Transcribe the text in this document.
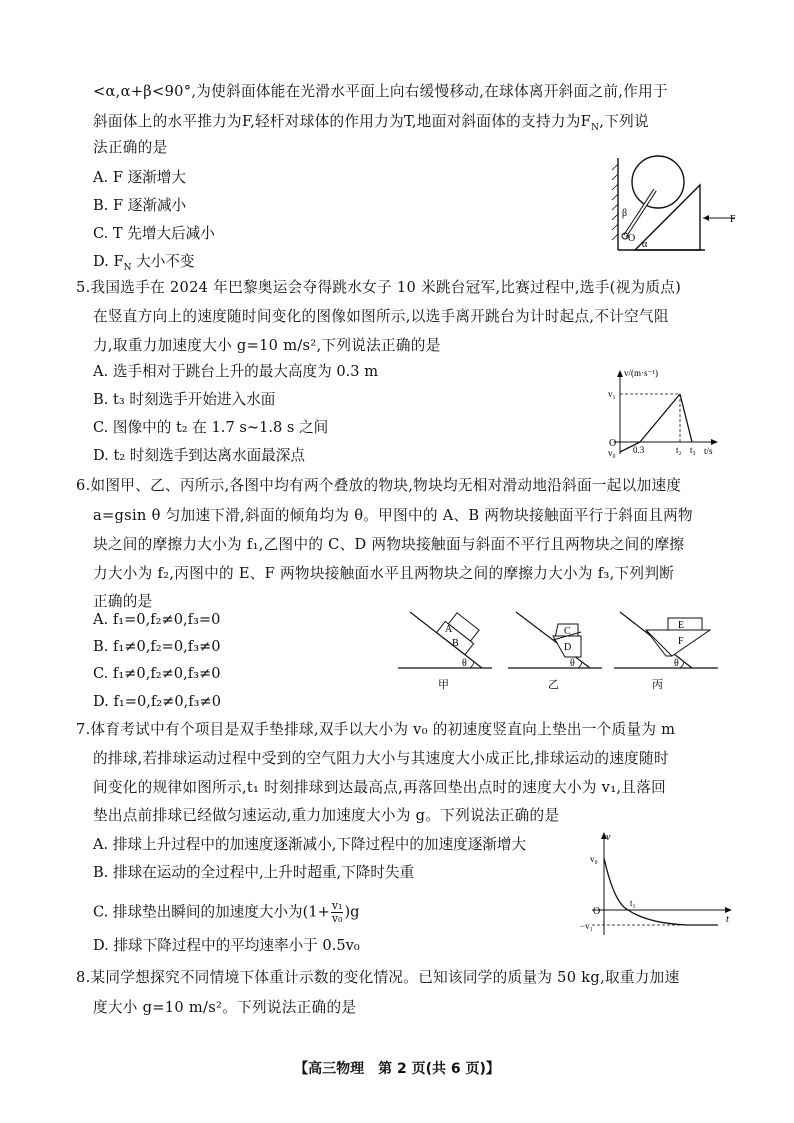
<α,α+β<90°,为使斜面体能在光滑水平面上向右缓慢移动,在球体离开斜面之前,作用于
斜面体上的水平推力为F,轻杆对球体的作用力为T,地面对斜面体的支持力为$F_N$,下列说
法正确的是
A. F 逐渐增大
B. F 逐渐减小
C. T 先增大后减小
D. $F_N$ 大小不变
β
O
α
F
5.我国选手在 2024 年巴黎奥运会夺得跳水女子 10 米跳台冠军,比赛过程中,选手(视为质点)
在竖直方向上的速度随时间变化的图像如图所示,以选手离开跳台为计时起点,不计空气阻
力,取重力加速度大小 g=10 m/s²,下列说法正确的是
A. 选手相对于跳台上升的最大高度为 0.3 m
B. t₃ 时刻选手开始进入水面
C. 图像中的 t₂ 在 1.7 s~1.8 s 之间
D. t₂ 时刻选手到达离水面最深点
v/(m·s⁻¹)
v₁
v₀
O
0.3	t₂ t₃ t/s
6.如图甲、乙、丙所示,各图中均有两个叠放的物块,物块均无相对滑动地沿斜面一起以加速度
a=gsin θ 匀加速下滑,斜面的倾角均为 θ。甲图中的 A、B 两物块接触面平行于斜面且两物
块之间的摩擦力大小为 f₁,乙图中的 C、D 两物块接触面与斜面不平行且两物块之间的摩擦
力大小为 f₂,丙图中的 E、F 两物块接触面水平且两物块之间的摩擦力大小为 f₃,下列判断
正确的是
A. f₁=0,f₂≠0,f₃=0
B. f₁≠0,f₂=0,f₃≠0
C. f₁≠0,f₂≠0,f₃≠0
D. f₁=0,f₂≠0,f₃≠0
A
B
θ
甲
C
D
θ
乙
E
F
θ
丙
7.体育考试中有个项目是双手垫排球,双手以大小为 v₀ 的初速度竖直向上垫出一个质量为 m
的排球,若排球运动过程中受到的空气阻力大小与其速度大小成正比,排球运动的速度随时
间变化的规律如图所示,t₁ 时刻排球到达最高点,再落回垫出点时的速度大小为 v₁,且落回
垫出点前排球已经做匀速运动,重力加速度大小为 g。下列说法正确的是
A. 排球上升过程中的加速度逐渐减小,下降过程中的加速度逐渐增大
B. 排球在运动的全过程中,上升时超重,下降时失重
C. 排球垫出瞬间的加速度大小为$(1+ \frac{\text{v₁}}{\text{v₀}} )g$
D. 排球下降过程中的平均速率小于 0.5v₀
v
v₀
t₁
O
t
−v₁
8.某同学想探究不同情境下体重计示数的变化情况。已知该同学的质量为 50 kg,取重力加速
度大小 g=10 m/s²。下列说法正确的是
【高三物理　第 2 页(共 6 页)】
